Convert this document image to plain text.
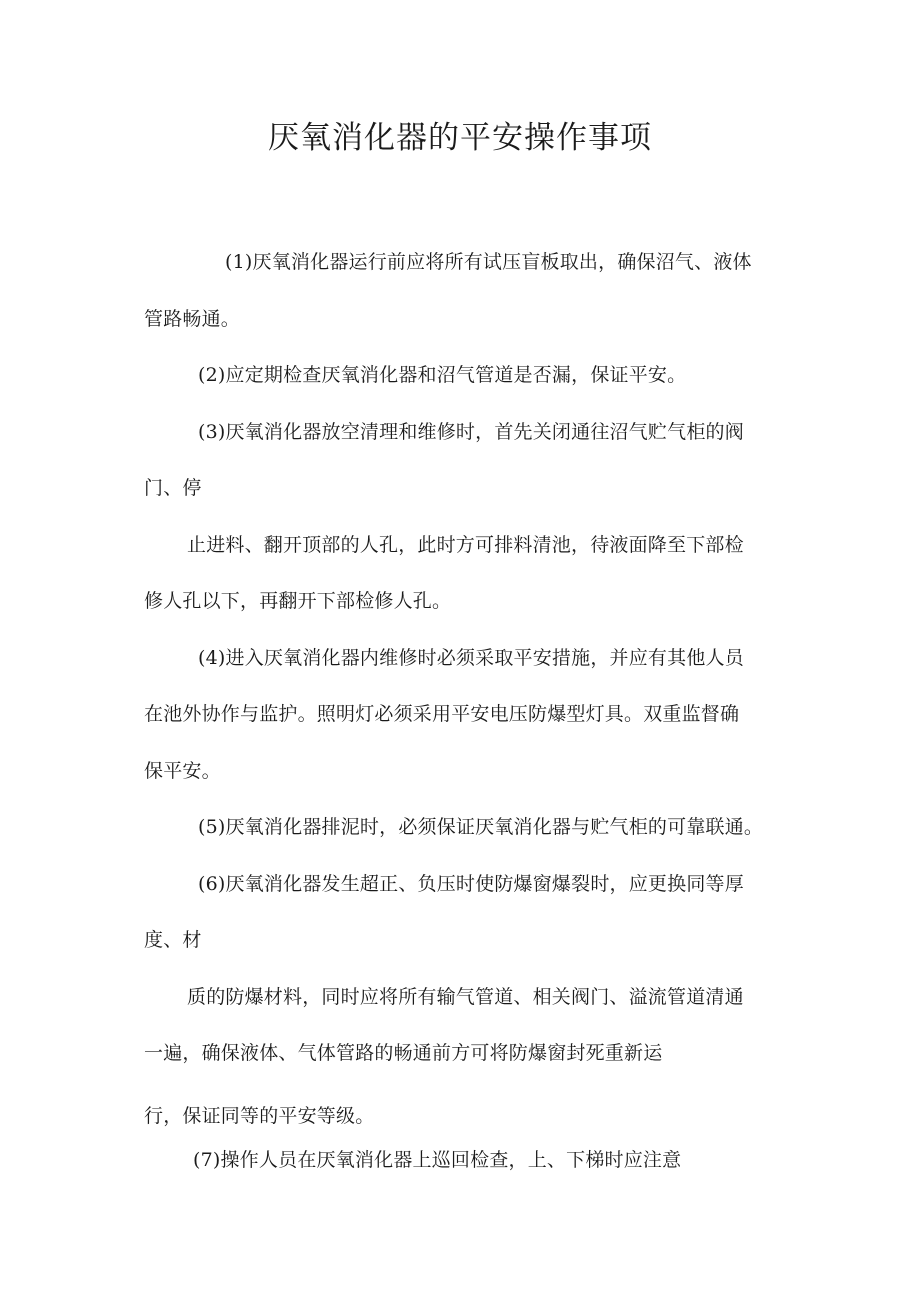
厌氧消化器的平安操作事项
(1)厌氧消化器运行前应将所有试压盲板取出，确保沼气、液体
管路畅通。
(2)应定期检查厌氧消化器和沼气管道是否漏，保证平安。
(3)厌氧消化器放空清理和维修时，首先关闭通往沼气贮气柜的阀
门、停
止进料、翻开顶部的人孔，此时方可排料清池，待液面降至下部检
修人孔以下，再翻开下部检修人孔。
(4)进入厌氧消化器内维修时必须采取平安措施，并应有其他人员
在池外协作与监护。照明灯必须采用平安电压防爆型灯具。双重监督确
保平安。
(5)厌氧消化器排泥时，必须保证厌氧消化器与贮气柜的可靠联通。
(6)厌氧消化器发生超正、负压时使防爆窗爆裂时，应更换同等厚
度、材
质的防爆材料，同时应将所有输气管道、相关阀门、溢流管道清通
一遍，确保液体、气体管路的畅通前方可将防爆窗封死重新运
行，保证同等的平安等级。
(7)操作人员在厌氧消化器上巡回检查，上、下梯时应注意
